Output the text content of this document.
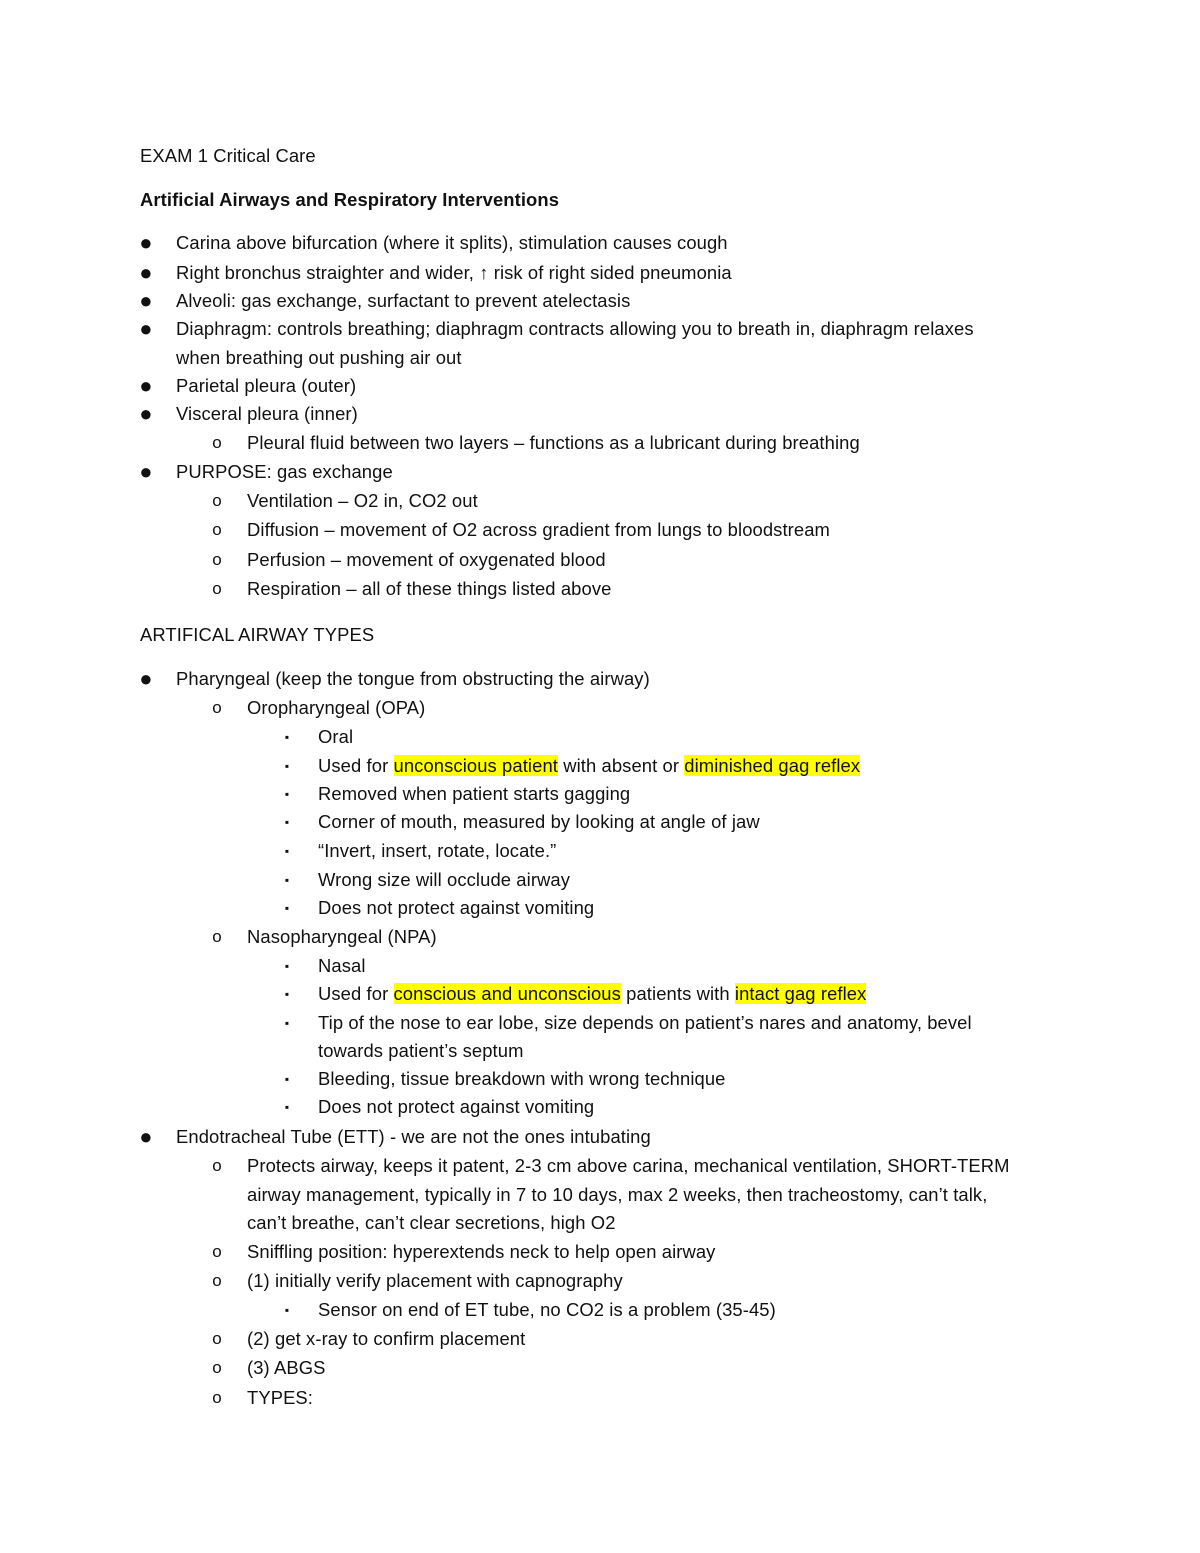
EXAM 1 Critical Care
Artificial Airways and Respiratory Interventions
● Carina above bifurcation (where it splits), stimulation causes cough
● Right bronchus straighter and wider, ↑ risk of right sided pneumonia
● Alveoli: gas exchange, surfactant to prevent atelectasis
● Diaphragm: controls breathing; diaphragm contracts allowing you to breath in, diaphragm relaxes
when breathing out pushing air out
● Parietal pleura (outer)
● Visceral pleura (inner)
o Pleural fluid between two layers – functions as a lubricant during breathing
● PURPOSE: gas exchange
o Ventilation – O2 in, CO2 out
o Diffusion – movement of O2 across gradient from lungs to bloodstream
o Perfusion – movement of oxygenated blood
o Respiration – all of these things listed above
ARTIFICAL AIRWAY TYPES
● Pharyngeal (keep the tongue from obstructing the airway)
o Oropharyngeal (OPA)
▪	Oral
▪	Used for unconscious patient with absent or diminished gag reflex
▪	Removed when patient starts gagging
▪	Corner of mouth, measured by looking at angle of jaw
▪	“Invert, insert, rotate, locate.”
▪	Wrong size will occlude airway
▪	Does not protect against vomiting
o Nasopharyngeal (NPA)
▪	Nasal
▪	Used for conscious and unconscious patients with intact gag reflex
▪	Tip of the nose to ear lobe, size depends on patient’s nares and anatomy, bevel
towards patient’s septum
▪	Bleeding, tissue breakdown with wrong technique
▪	Does not protect against vomiting
● Endotracheal Tube (ETT) - we are not the ones intubating
o Protects airway, keeps it patent, 2-3 cm above carina, mechanical ventilation, SHORT-TERM
airway management, typically in 7 to 10 days, max 2 weeks, then tracheostomy, can’t talk,
can’t breathe, can’t clear secretions, high O2
o Sniffling position: hyperextends neck to help open airway
o (1) initially verify placement with capnography
▪	Sensor on end of ET tube, no CO2 is a problem (35-45)
o (2) get x-ray to confirm placement
o (3) ABGS
o TYPES:
